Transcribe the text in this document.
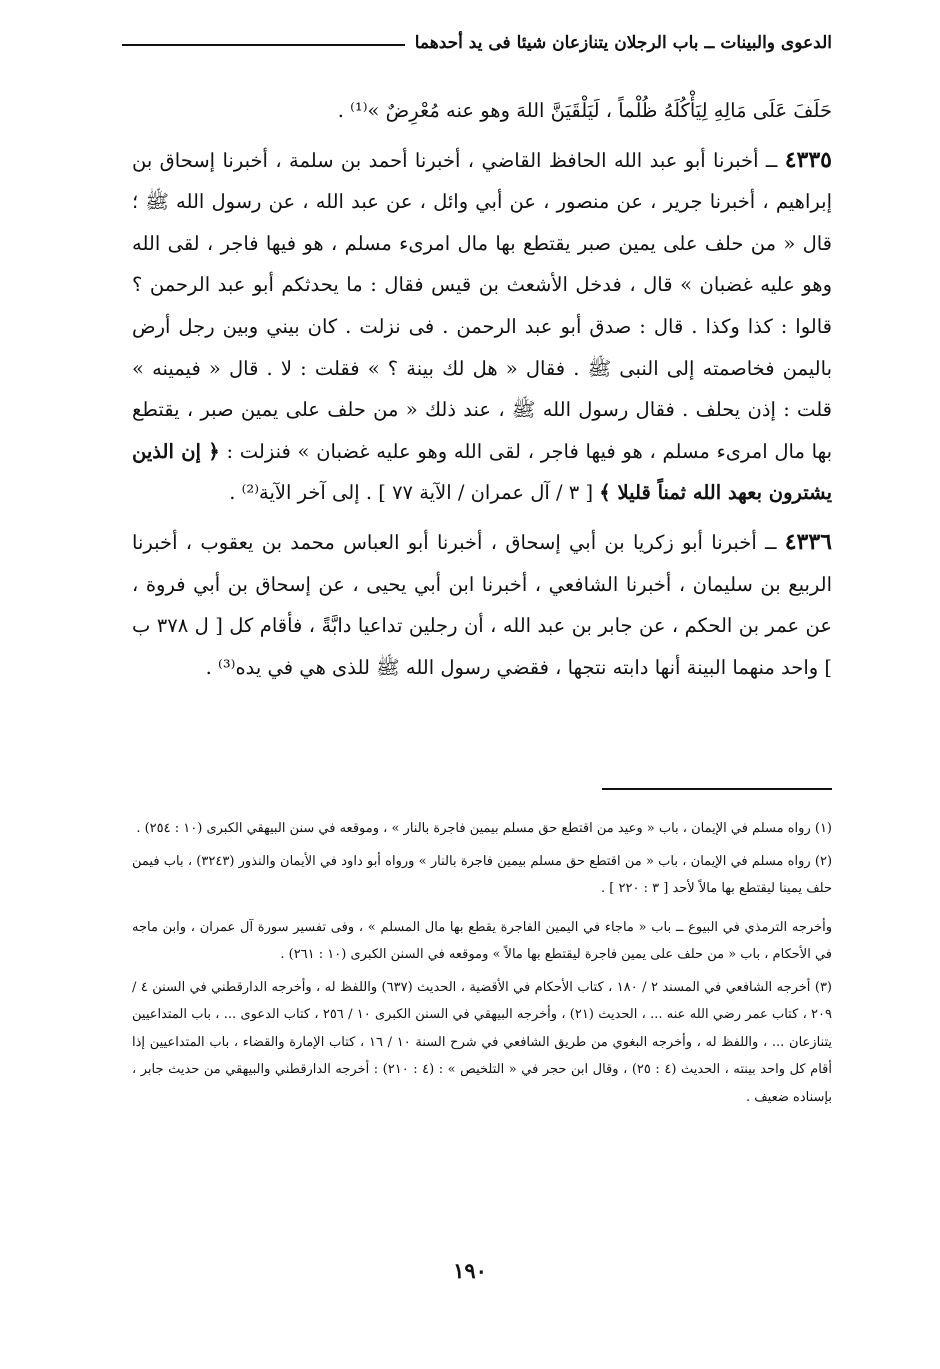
الدعوى والبينات ــ باب الرجلان يتنازعان شيئا فى يد أحدهما

حَلَفَ عَلَى مَالِهِ لِيَأْكُلَهُ ظُلْماً ، لَيَلْقَيَنَّ اللهَ وهو عنه مُعْرِضٌ »⁽¹⁾ .

٤٣٣٥ ــ أخبرنا أبو عبد الله الحافظ القاضي ، أخبرنا أحمد بن سلمة ، أخبرنا إسحاق بن إبراهيم ، أخبرنا جرير ، عن منصور ، عن أبي وائل ، عن عبد الله ، عن رسول الله ﷺ ؛ قال « من حلف على يمين صبر يقتطع بها مال امرىء مسلم ، هو فيها فاجر ، لقى الله وهو عليه غضبان » قال ، فدخل الأشعث بن قيس فقال : ما يحدثكم أبو عبد الرحمن ؟ قالوا : كذا وكذا . قال : صدق أبو عبد الرحمن . فى نزلت . كان بيني وبين رجل أرض باليمن فخاصمته إلى النبى ﷺ . فقال « هل لك بينة ؟ » فقلت : لا . قال « فيمينه » قلت : إذن يحلف . فقال رسول الله ﷺ ، عند ذلك « من حلف على يمين صبر ، يقتطع بها مال امرىء مسلم ، هو فيها فاجر ، لقى الله وهو عليه غضبان » فنزلت : ﴿ إن الذين يشترون بعهد الله ثمناً قليلا ﴾ [ ٣ / آل عمران / الآية ٧٧ ] . إلى آخر الآية⁽²⁾ .

٤٣٣٦ ــ أخبرنا أبو زكريا بن أبي إسحاق ، أخبرنا أبو العباس محمد بن يعقوب ، أخبرنا الربيع بن سليمان ، أخبرنا الشافعي ، أخبرنا ابن أبي يحيى ، عن إسحاق بن أبي فروة ، عن عمر بن الحكم ، عن جابر بن عبد الله ، أن رجلين تداعيا دابَّةً ، فأقام كل [ ل ٣٧٨ ب ] واحد منهما البينة أنها دابته نتجها ، فقضي رسول الله ﷺ للذى هي في يده⁽³⁾ .

(١) رواه مسلم في الإيمان ، باب « وعيد من اقتطع حق مسلم بيمين فاجرة بالنار » ، وموقعه في سنن البيهقي الكبرى (١٠ : ٢٥٤) .

(٢) رواه مسلم في الإيمان ، باب « من اقتطع حق مسلم بيمين فاجرة بالنار » ورواه أبو داود في الأيمان والنذور (٣٢٤٣) ، باب فيمن حلف يمينا ليقتطع بها مالاً لأحد [ ٣ : ٢٢٠ ] .

وأخرجه الترمذي في البيوع ــ باب « ماجاء في اليمين الفاجرة يقطع بها مال المسلم » ، وفى تفسير سورة آل عمران ، وابن ماجه في الأحكام ، باب « من حلف على يمين فاجرة ليقتطع بها مالاً » وموقعه في السنن الكبرى (١٠ : ٢٦١) .

(٣) أخرجه الشافعي في المسند ٢ / ١٨٠ ، كتاب الأحكام في الأقضية ، الحديث (٦٣٧) واللفظ له ، وأخرجه الدارقطني في السنن ٤ / ٢٠٩ ، كتاب عمر رضي الله عنه ... ، الحديث (٢١) ، وأخرجه البيهقي في السنن الكبرى ١٠ / ٢٥٦ ، كتاب الدعوى ... ، باب المتداعيين يتنازعان ... ، واللفظ له ، وأخرجه البغوي من طريق الشافعي في شرح السنة ١٠ / ١٦ ، كتاب الإمارة والقضاء ، باب المتداعيين إذا أقام كل واحد بينته ، الحديث (٤ : ٢٥) ، وقال ابن حجر في « التلخيص » : (٤ : ٢١٠) : أخرجه الدارقطني والبيهقي من حديث جابر ، بإسناده ضعيف .

١٩٠
